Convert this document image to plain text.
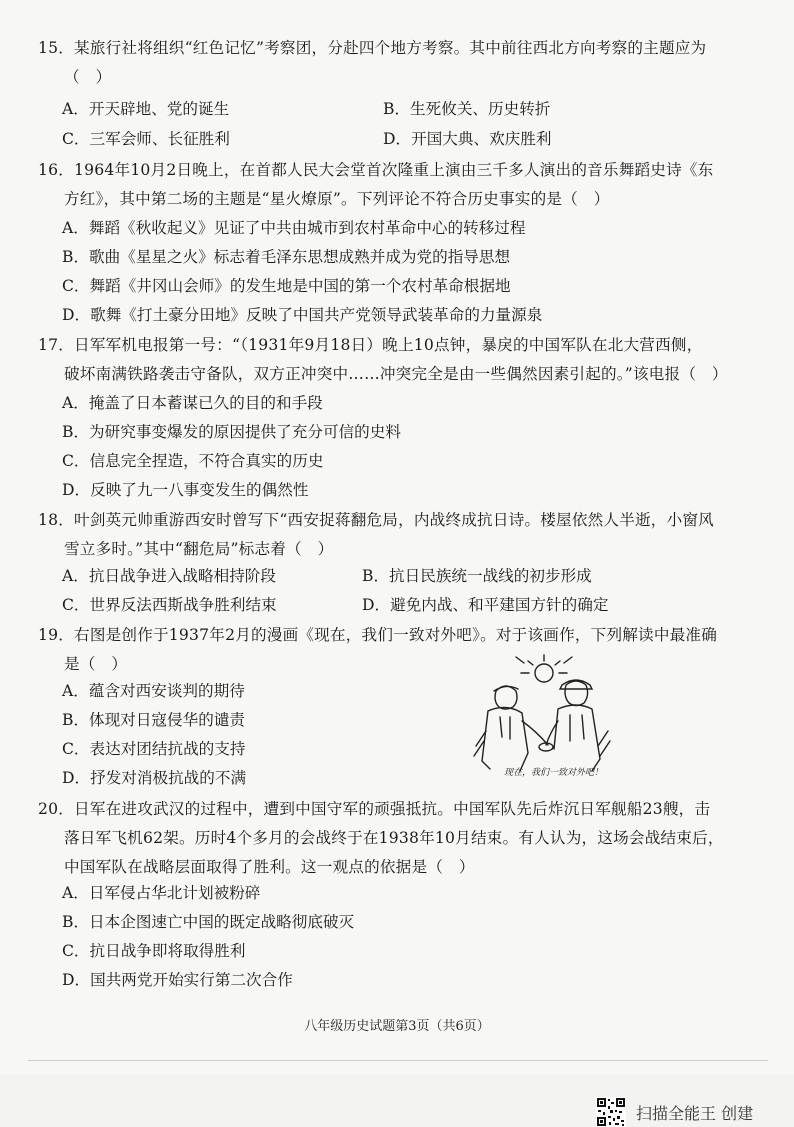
15．某旅行社将组织“红色记忆”考察团，分赴四个地方考察。其中前往西北方向考察的主题应为
（　）
A．开天辟地、党的诞生	B．生死攸关、历史转折
C．三军会师、长征胜利	D．开国大典、欢庆胜利
16．1964年10月2日晚上，在首都人民大会堂首次隆重上演由三千多人演出的音乐舞蹈史诗《东
方红》，其中第二场的主题是“星火燎原”。下列评论不符合历史事实的是（　）
A．舞蹈《秋收起义》见证了中共由城市到农村革命中心的转移过程
B．歌曲《星星之火》标志着毛泽东思想成熟并成为党的指导思想
C．舞蹈《井冈山会师》的发生地是中国的第一个农村革命根据地
D．歌舞《打土豪分田地》反映了中国共产党领导武装革命的力量源泉
17．日军军机电报第一号：“（1931年9月18日）晚上10点钟，暴戾的中国军队在北大营西侧，
破坏南满铁路袭击守备队，双方正冲突中……冲突完全是由一些偶然因素引起的。”该电报（　）
A．掩盖了日本蓄谋已久的目的和手段
B．为研究事变爆发的原因提供了充分可信的史料
C．信息完全捏造，不符合真实的历史
D．反映了九一八事变发生的偶然性
18．叶剑英元帅重游西安时曾写下“西安捉蒋翻危局，内战终成抗日诗。楼屋依然人半逝，小窗风
雪立多时。”其中“翻危局”标志着（　）
A．抗日战争进入战略相持阶段	B．抗日民族统一战线的初步形成
C．世界反法西斯战争胜利结束	D．避免内战、和平建国方针的确定
19．右图是创作于1937年2月的漫画《现在，我们一致对外吧》。对于该画作，下列解读中最准确
是（　）
A．蕴含对西安谈判的期待
B．体现对日寇侵华的谴责
C．表达对团结抗战的支持
D．抒发对消极抗战的不满	现在，我们一致对外吧！
20．日军在进攻武汉的过程中，遭到中国守军的顽强抵抗。中国军队先后炸沉日军舰船23艘，击
落日军飞机62架。历时4个多月的会战终于在1938年10月结束。有人认为，这场会战结束后，
中国军队在战略层面取得了胜利。这一观点的依据是（　）
A．日军侵占华北计划被粉碎
B．日本企图速亡中国的既定战略彻底破灭
C．抗日战争即将取得胜利
D．国共两党开始实行第二次合作
八年级历史试题第3页（共6页）
扫描全能王 创建
